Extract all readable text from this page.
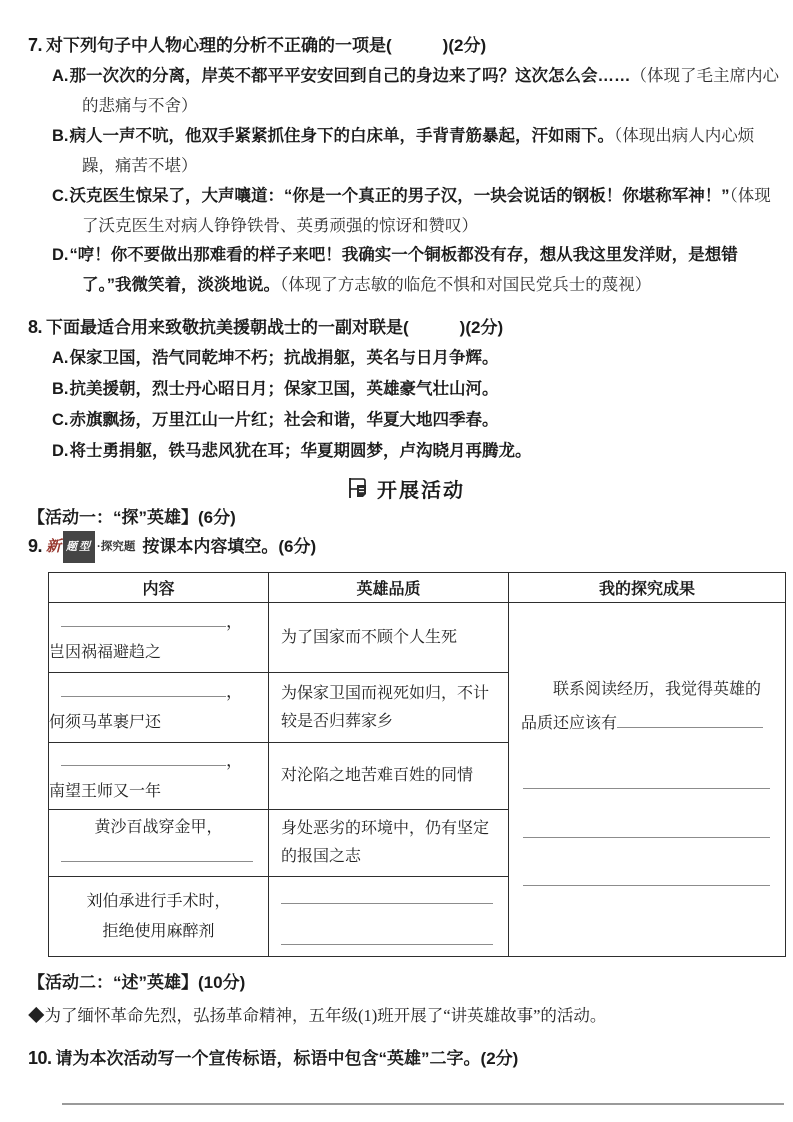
7. 对下列句子中人物心理的分析不正确的一项是(　　　)(2分)
A.那一次次的分离，岸英不都平平安安回到自己的身边来了吗？这次怎么会……（体现了毛主席内心的悲痛与不舍）
B.病人一声不吭，他双手紧紧抓住身下的白床单，手背青筋暴起，汗如雨下。（体现出病人内心烦躁，痛苦不堪）
C.沃克医生惊呆了，大声嚷道：“你是一个真正的男子汉，一块会说话的钢板！你堪称军神！”（体现了沃克医生对病人铮铮铁骨、英勇顽强的惊讶和赞叹）
D.“哼！你不要做出那难看的样子来吧！我确实一个铜板都没有存，想从我这里发洋财，是想错了。”我微笑着，淡淡地说。（体现了方志敏的临危不惧和对国民党兵士的蔑视）
8. 下面最适合用来致敬抗美援朝战士的一副对联是(　　　)(2分)
A.保家卫国，浩气同乾坤不朽；抗战捐躯，英名与日月争辉。
B.抗美援朝，烈士丹心昭日月；保家卫国，英雄豪气壮山河。
C.赤旗飘扬，万里江山一片红；社会和谐，华夏大地四季春。
D.将士勇捐躯，铁马悲风犹在耳；华夏期圆梦，卢沟晓月再腾龙。
开展活动
【活动一：“探”英雄】(6分)
9. 新 题型 ·探究题 按课本内容填空。(6分)
内容	英雄品质	我的探究成果

，
岂因祸福避趋之	为了国家而不顾个人生死	联系阅读经历，我觉得英雄的品质还应该有

，
何须马革裹尸还	为保家卫国而视死如归，不计较是否归葬家乡	

，
南望王师又一年	对沦陷之地苦难百姓的同情	

黄沙百战穿金甲，	身处恶劣的环境中，仍有坚定的报国之志	

刘伯承进行手术时，
拒绝使用麻醉剂		

【活动二：“述”英雄】(10分)
◆为了缅怀革命先烈，弘扬革命精神，五年级(1)班开展了“讲英雄故事”的活动。
10. 请为本次活动写一个宣传标语，标语中包含“英雄”二字。(2分)
